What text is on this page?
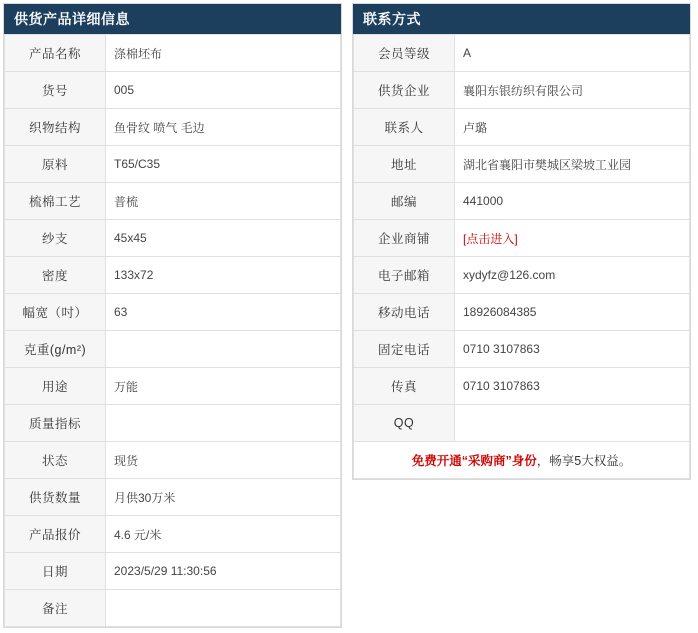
供货产品详细信息
产品名称	涤棉坯布
货号	005
织物结构	鱼骨纹 喷气 毛边
原料	T65/C35
梳棉工艺	普梳
纱支	45x45
密度	133x72
幅宽（吋）	63
克重(g/m²)	
用途	万能
质量指标	
状态	现货
供货数量	月供30万米
产品报价	4.6 元/米
日期	2023/5/29 11:30:56
备注	
联系方式
会员等级	A
供货企业	襄阳东银纺织有限公司
联系人	卢璐
地址	湖北省襄阳市樊城区梁坡工业园
邮编	441000
企业商铺	[点击进入]
电子邮箱	xydyfz@126.com
移动电话	18926084385
固定电话	0710 3107863
传真	0710 3107863
QQ	
免费开通“采购商”身份，畅享5大权益。	
